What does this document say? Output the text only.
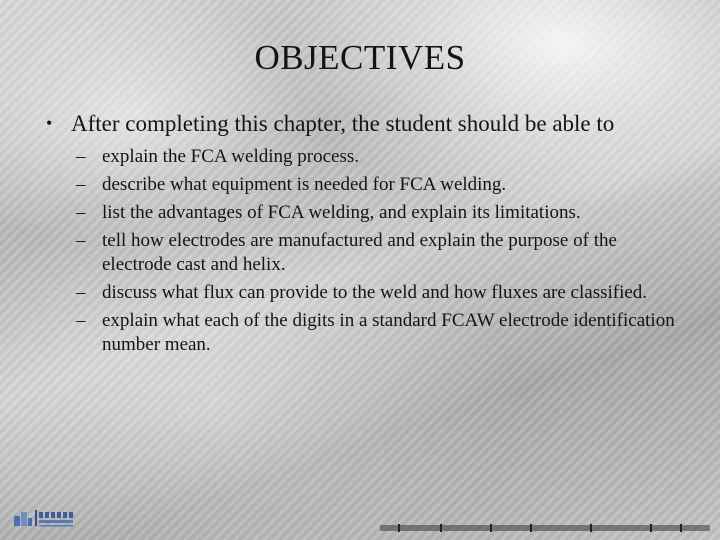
OBJECTIVES
• After completing this chapter, the student should be able to
– explain the FCA welding process.
– describe what equipment is needed for FCA welding.
– list the advantages of FCA welding, and explain its limitations.
– tell how electrodes are manufactured and explain the purpose of the electrode cast and helix.
– discuss what flux can provide to the weld and how fluxes are classified.
– explain what each of the digits in a standard FCAW electrode identification number mean.
